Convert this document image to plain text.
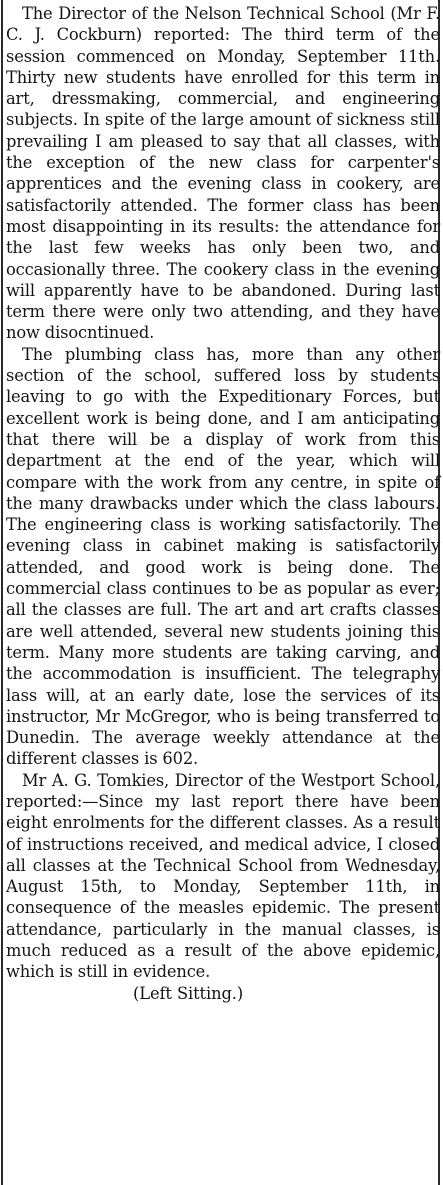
The Director of the Nelson Technical School (Mr F. C. J. Cockburn) reported: The third term of the session commenced on Monday, September 11th. Thirty new students have enrolled for this term in art, dressmaking, commercial, and engineering subjects. In spite of the large amount of sickness still prevailing I am pleased to say that all classes, with the exception of the new class for carpenter's apprentices and the evening class in cookery, are satisfactorily attended. The former class has been most disappointing in its results: the attendance for the last few weeks has only been two, and occasionally three. The cookery class in the evening will apparently have to be abandoned. During last term there were only two attending, and they have now disocntinued.

The plumbing class has, more than any other section of the school, suffered loss by students leaving to go with the Expeditionary Forces, but excellent work is being done, and I am anticipating that there will be a display of work from this department at the end of the year, which will compare with the work from any centre, in spite of the many drawbacks under which the class labours. The engineering class is working satisfactorily. The evening class in cabinet making is satisfactorily attended, and good work is being done. The commercial class continues to be as popular as ever; all the classes are full. The art and art crafts classes are well attended, several new students joining this term. Many more students are taking carving, and the accommodation is insufficient. The telegraphy lass will, at an early date, lose the services of its instructor, Mr McGregor, who is being transferred to Dunedin. The average weekly attendance at the different classes is 602.

Mr A. G. Tomkies, Director of the Westport School, reported:—Since my last report there have been eight enrolments for the different classes. As a result of instructions received, and medical advice, I closed all classes at the Technical School from Wednesday, August 15th, to Monday, September 11th, in consequence of the measles epidemic. The present attendance, particularly in the manual classes, is much reduced as a result of the above epidemic, which is still in evidence.

(Left Sitting.)
